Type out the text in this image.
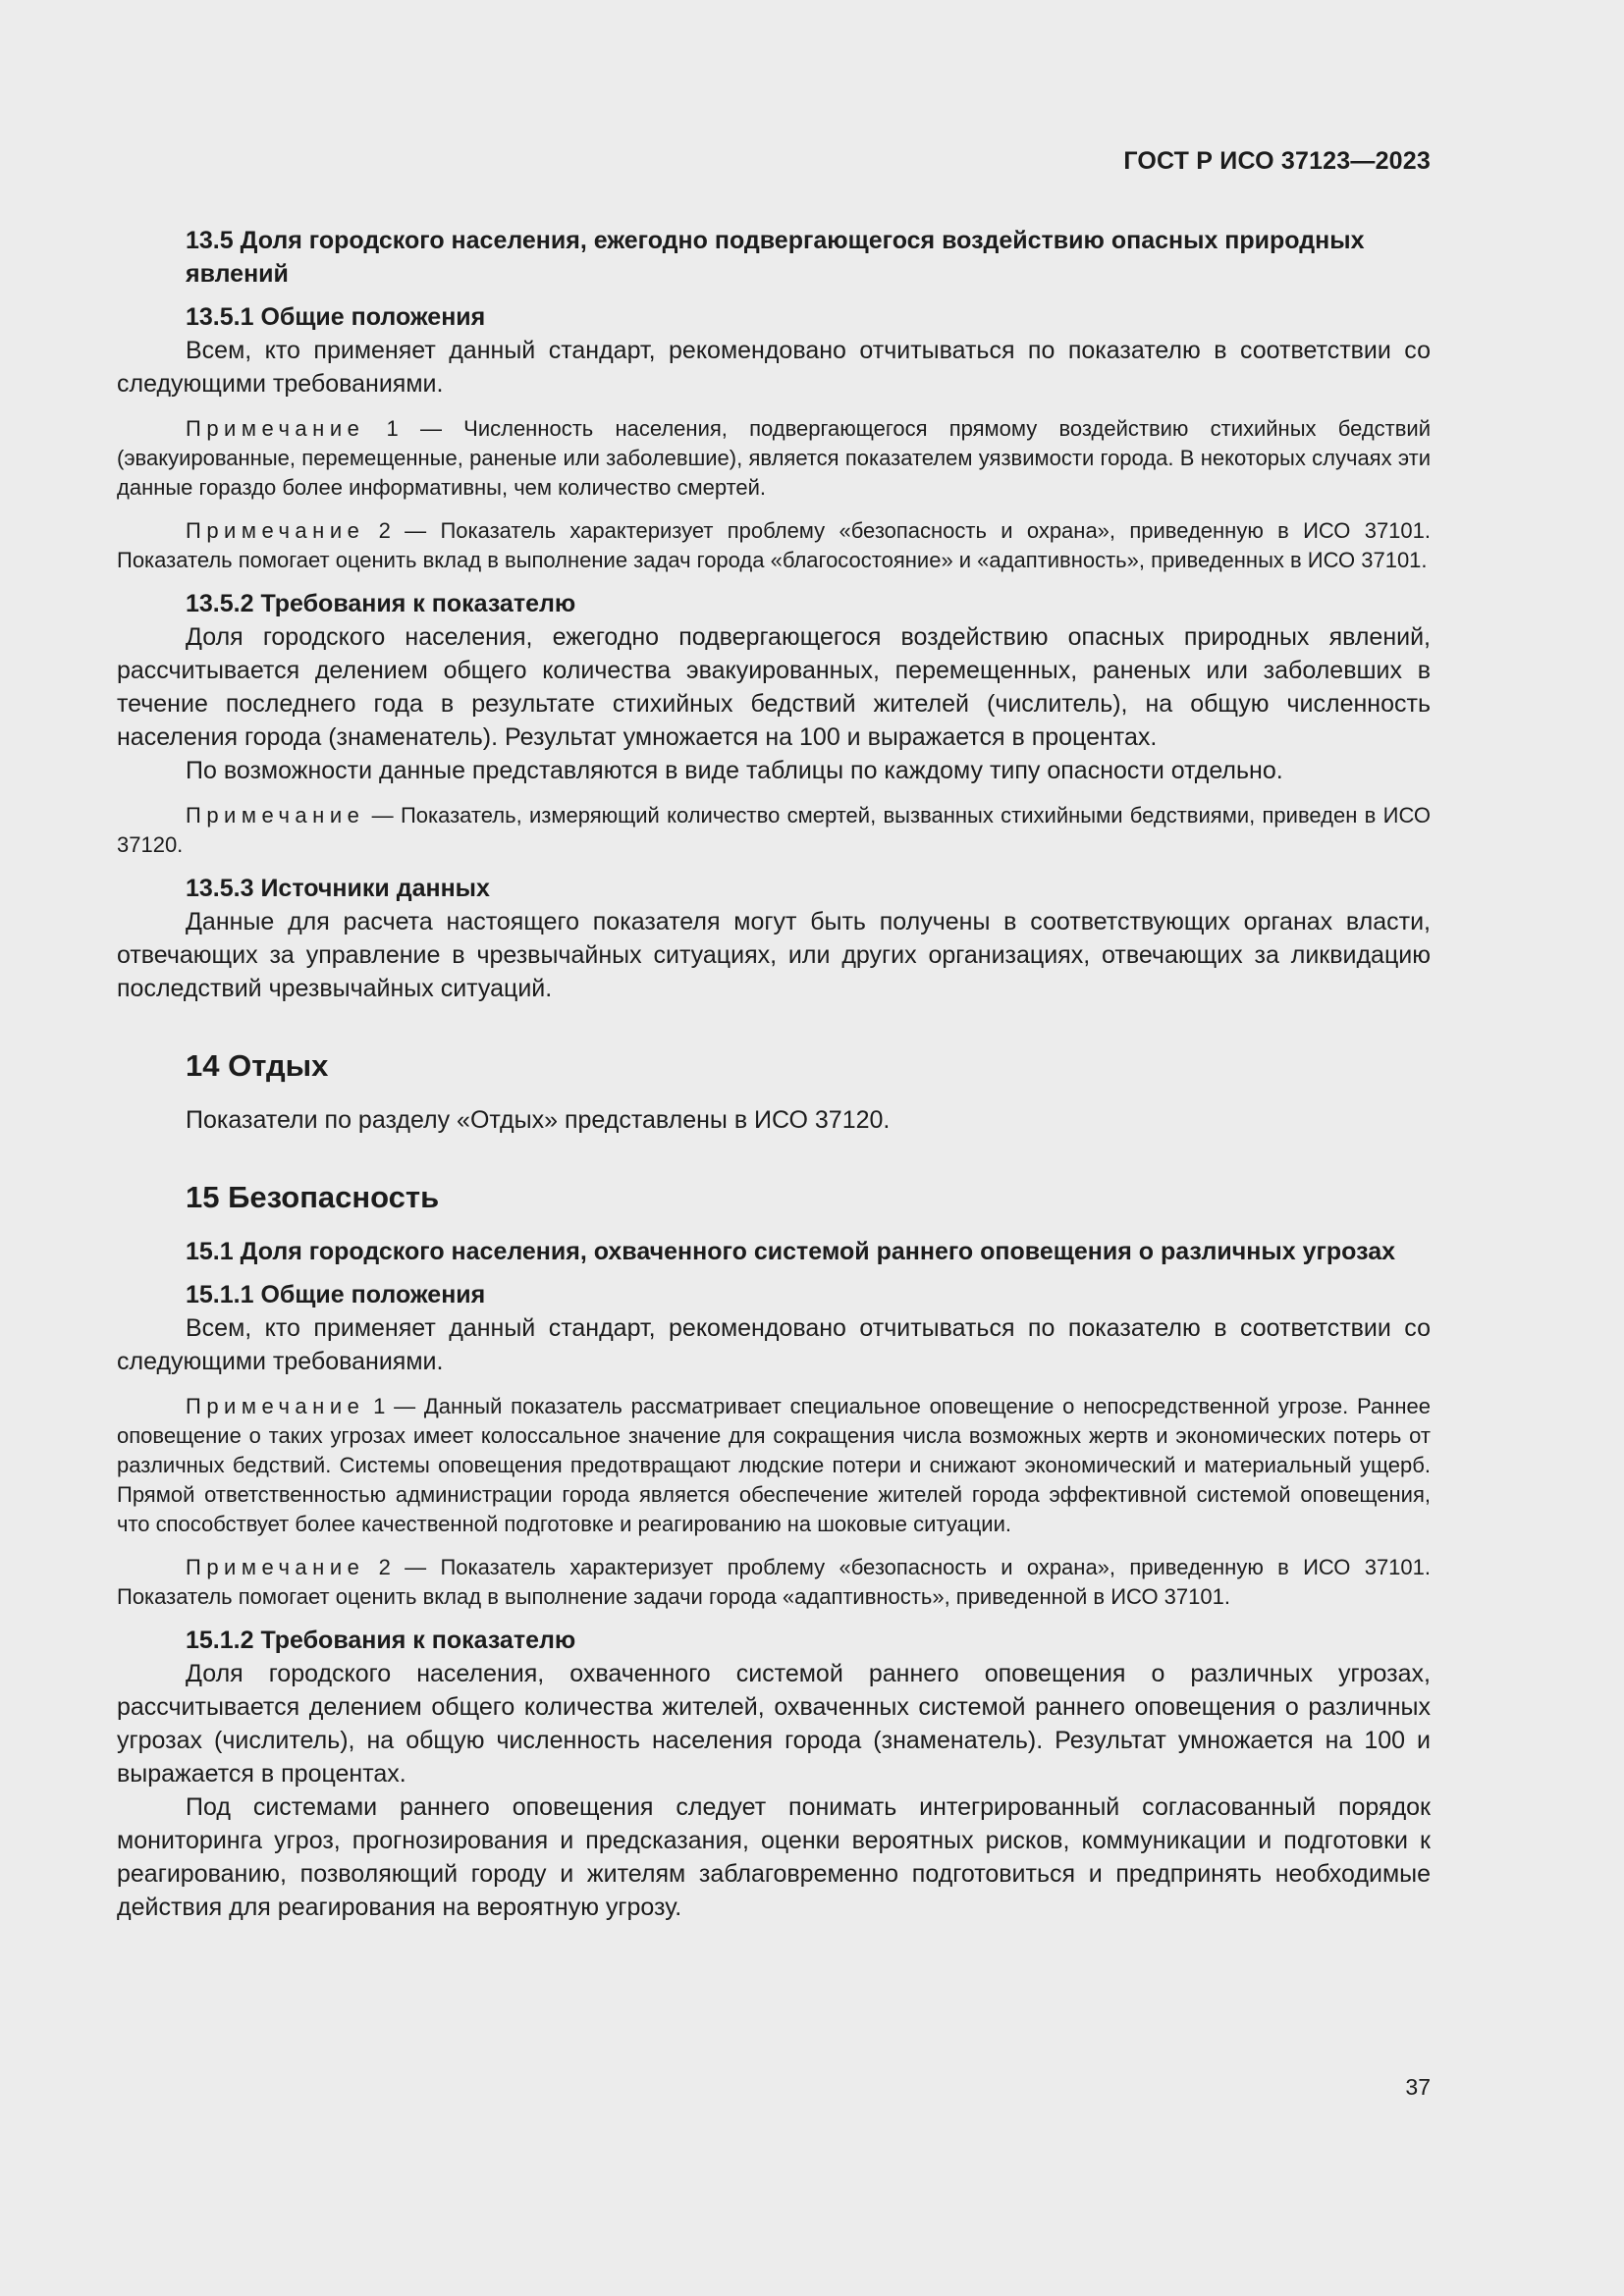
ГОСТ Р ИСО 37123—2023
13.5 Доля городского населения, ежегодно подвергающегося воздействию опасных природных явлений
13.5.1 Общие положения

Всем, кто применяет данный стандарт, рекомендовано отчитываться по показателю в соответствии со следующими требованиями.

Примечание 1 — Численность населения, подвергающегося прямому воздействию стихийных бедствий (эвакуированные, перемещенные, раненые или заболевшие), является показателем уязвимости города. В некоторых случаях эти данные гораздо более информативны, чем количество смертей.

Примечание 2 — Показатель характеризует проблему «безопасность и охрана», приведенную в ИСО 37101. Показатель помогает оценить вклад в выполнение задач города «благосостояние» и «адаптивность», приведенных в ИСО 37101.

13.5.2 Требования к показателю

Доля городского населения, ежегодно подвергающегося воздействию опасных природных явлений, рассчитывается делением общего количества эвакуированных, перемещенных, раненых или заболевших в течение последнего года в результате стихийных бедствий жителей (числитель), на общую численность населения города (знаменатель). Результат умножается на 100 и выражается в процентах.

По возможности данные представляются в виде таблицы по каждому типу опасности отдельно.

Примечание — Показатель, измеряющий количество смертей, вызванных стихийными бедствиями, приведен в ИСО 37120.

13.5.3 Источники данных

Данные для расчета настоящего показателя могут быть получены в соответствующих органах власти, отвечающих за управление в чрезвычайных ситуациях, или других организациях, отвечающих за ликвидацию последствий чрезвычайных ситуаций.

14 Отдых
Показатели по разделу «Отдых» представлены в ИСО 37120.
15 Безопасность
15.1 Доля городского населения, охваченного системой раннего оповещения о различных угрозах
15.1.1 Общие положения

Всем, кто применяет данный стандарт, рекомендовано отчитываться по показателю в соответствии со следующими требованиями.

Примечание 1 — Данный показатель рассматривает специальное оповещение о непосредственной угрозе. Раннее оповещение о таких угрозах имеет колоссальное значение для сокращения числа возможных жертв и экономических потерь от различных бедствий. Системы оповещения предотвращают людские потери и снижают экономический и материальный ущерб. Прямой ответственностью администрации города является обеспечение жителей города эффективной системой оповещения, что способствует более качественной подготовке и реагированию на шоковые ситуации.

Примечание 2 — Показатель характеризует проблему «безопасность и охрана», приведенную в ИСО 37101. Показатель помогает оценить вклад в выполнение задачи города «адаптивность», приведенной в ИСО 37101.

15.1.2 Требования к показателю

Доля городского населения, охваченного системой раннего оповещения о различных угрозах, рассчитывается делением общего количества жителей, охваченных системой раннего оповещения о различных угрозах (числитель), на общую численность населения города (знаменатель). Результат умножается на 100 и выражается в процентах.

Под системами раннего оповещения следует понимать интегрированный согласованный порядок мониторинга угроз, прогнозирования и предсказания, оценки вероятных рисков, коммуникации и подготовки к реагированию, позволяющий городу и жителям заблаговременно подготовиться и предпринять необходимые действия для реагирования на вероятную угрозу.

37
